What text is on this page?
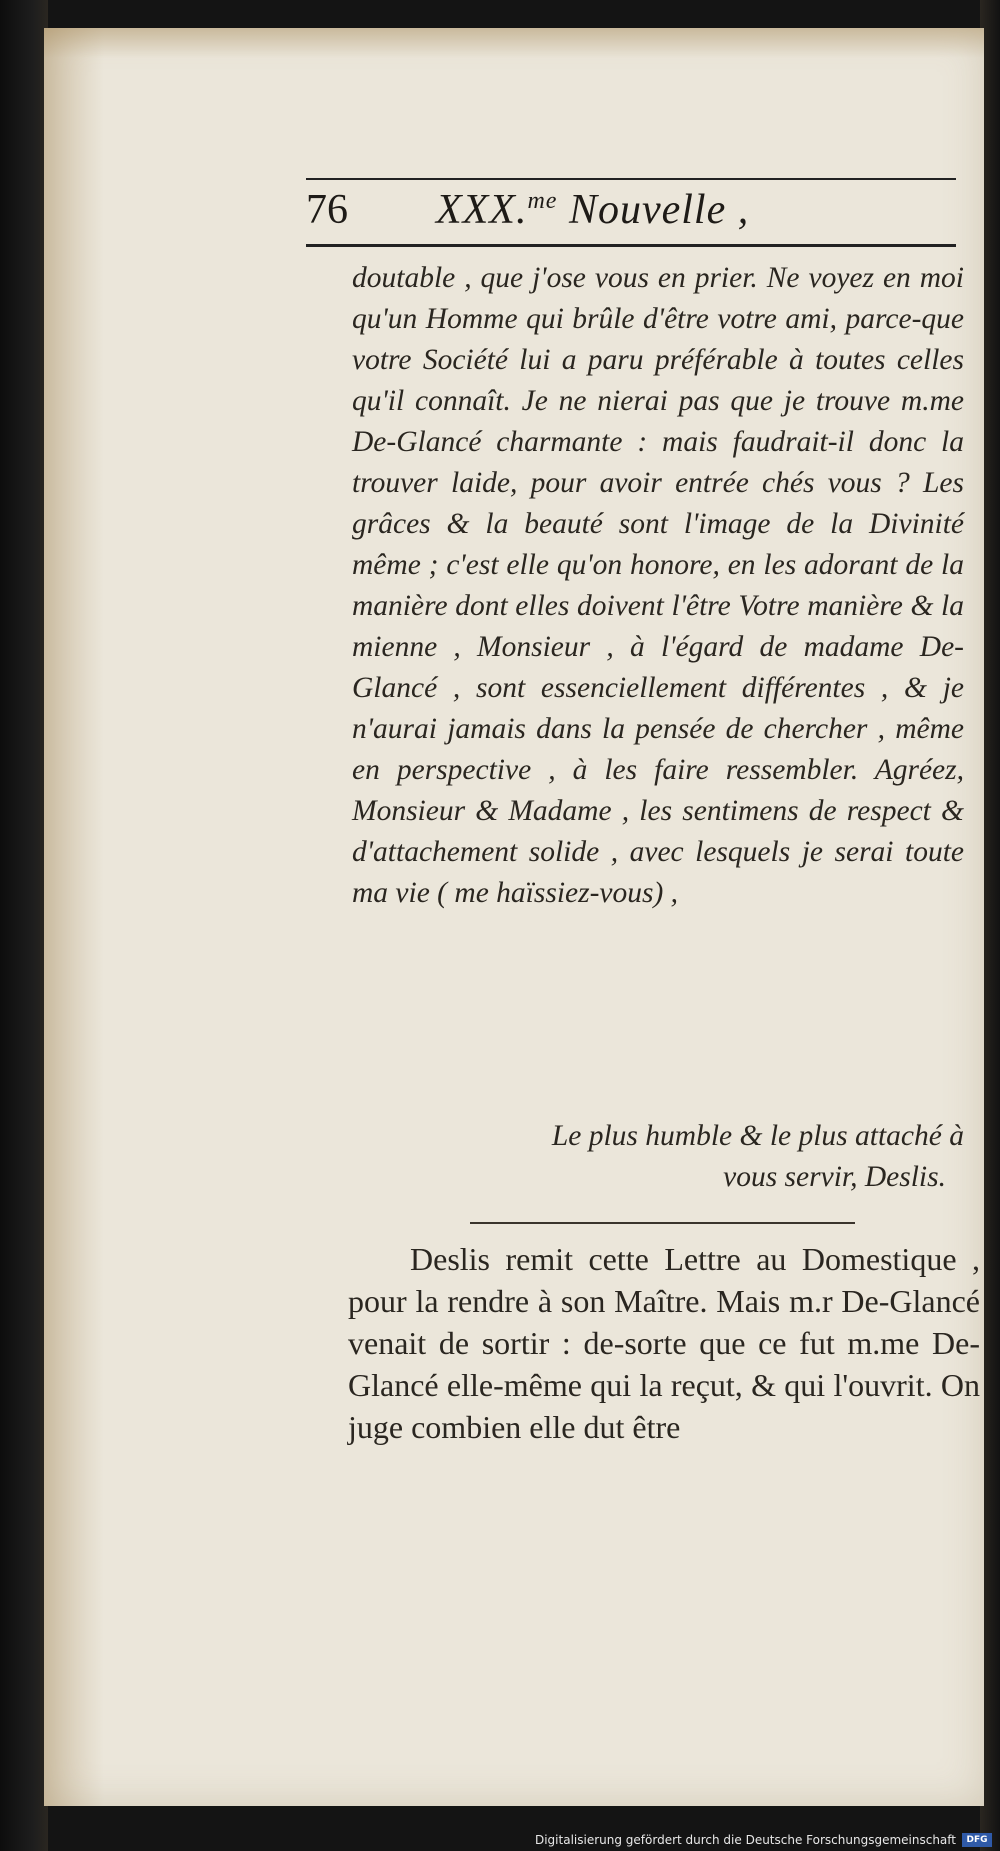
76	XXX.$^{me}$ Nouvelle ,

doutable , que j'ose vous en prier. Ne voyez en moi qu'un Homme qui brûle d'être votre ami, parce-que votre Société lui a paru préférable à toutes celles qu'il connaît. Je ne nierai pas que je trouve m.me De-Glancé charmante : mais faudrait-il donc la trouver laide, pour avoir entrée chés vous ? Les grâces & la beauté sont l'image de la Divinité même ; c'est elle qu'on honore, en les adorant de la manière dont elles doivent l'être Votre manière & la mienne , Monsieur , à l'égard de madame De-Glancé , sont essenciellement différentes , & je n'aurai jamais dans la pensée de chercher , même en perspective , à les faire ressembler. Agréez, Monsieur & Madame , les sentimens de respect & d'attachement solide , avec lesquels je serai toute ma vie ( me haïssiez-vous) ,

Le plus humble & le plus attaché à
vous servir, Deslis.

Deslis remit cette Lettre au Domestique , pour la rendre à son Maître. Mais m.r De-Glancé venait de sortir : de-sorte que ce fut m.me De-Glancé elle-même qui la reçut, & qui l'ouvrit. On juge combien elle dut être

Digitalisierung gefördert durch die Deutsche Forschungsgemeinschaft	DFG
